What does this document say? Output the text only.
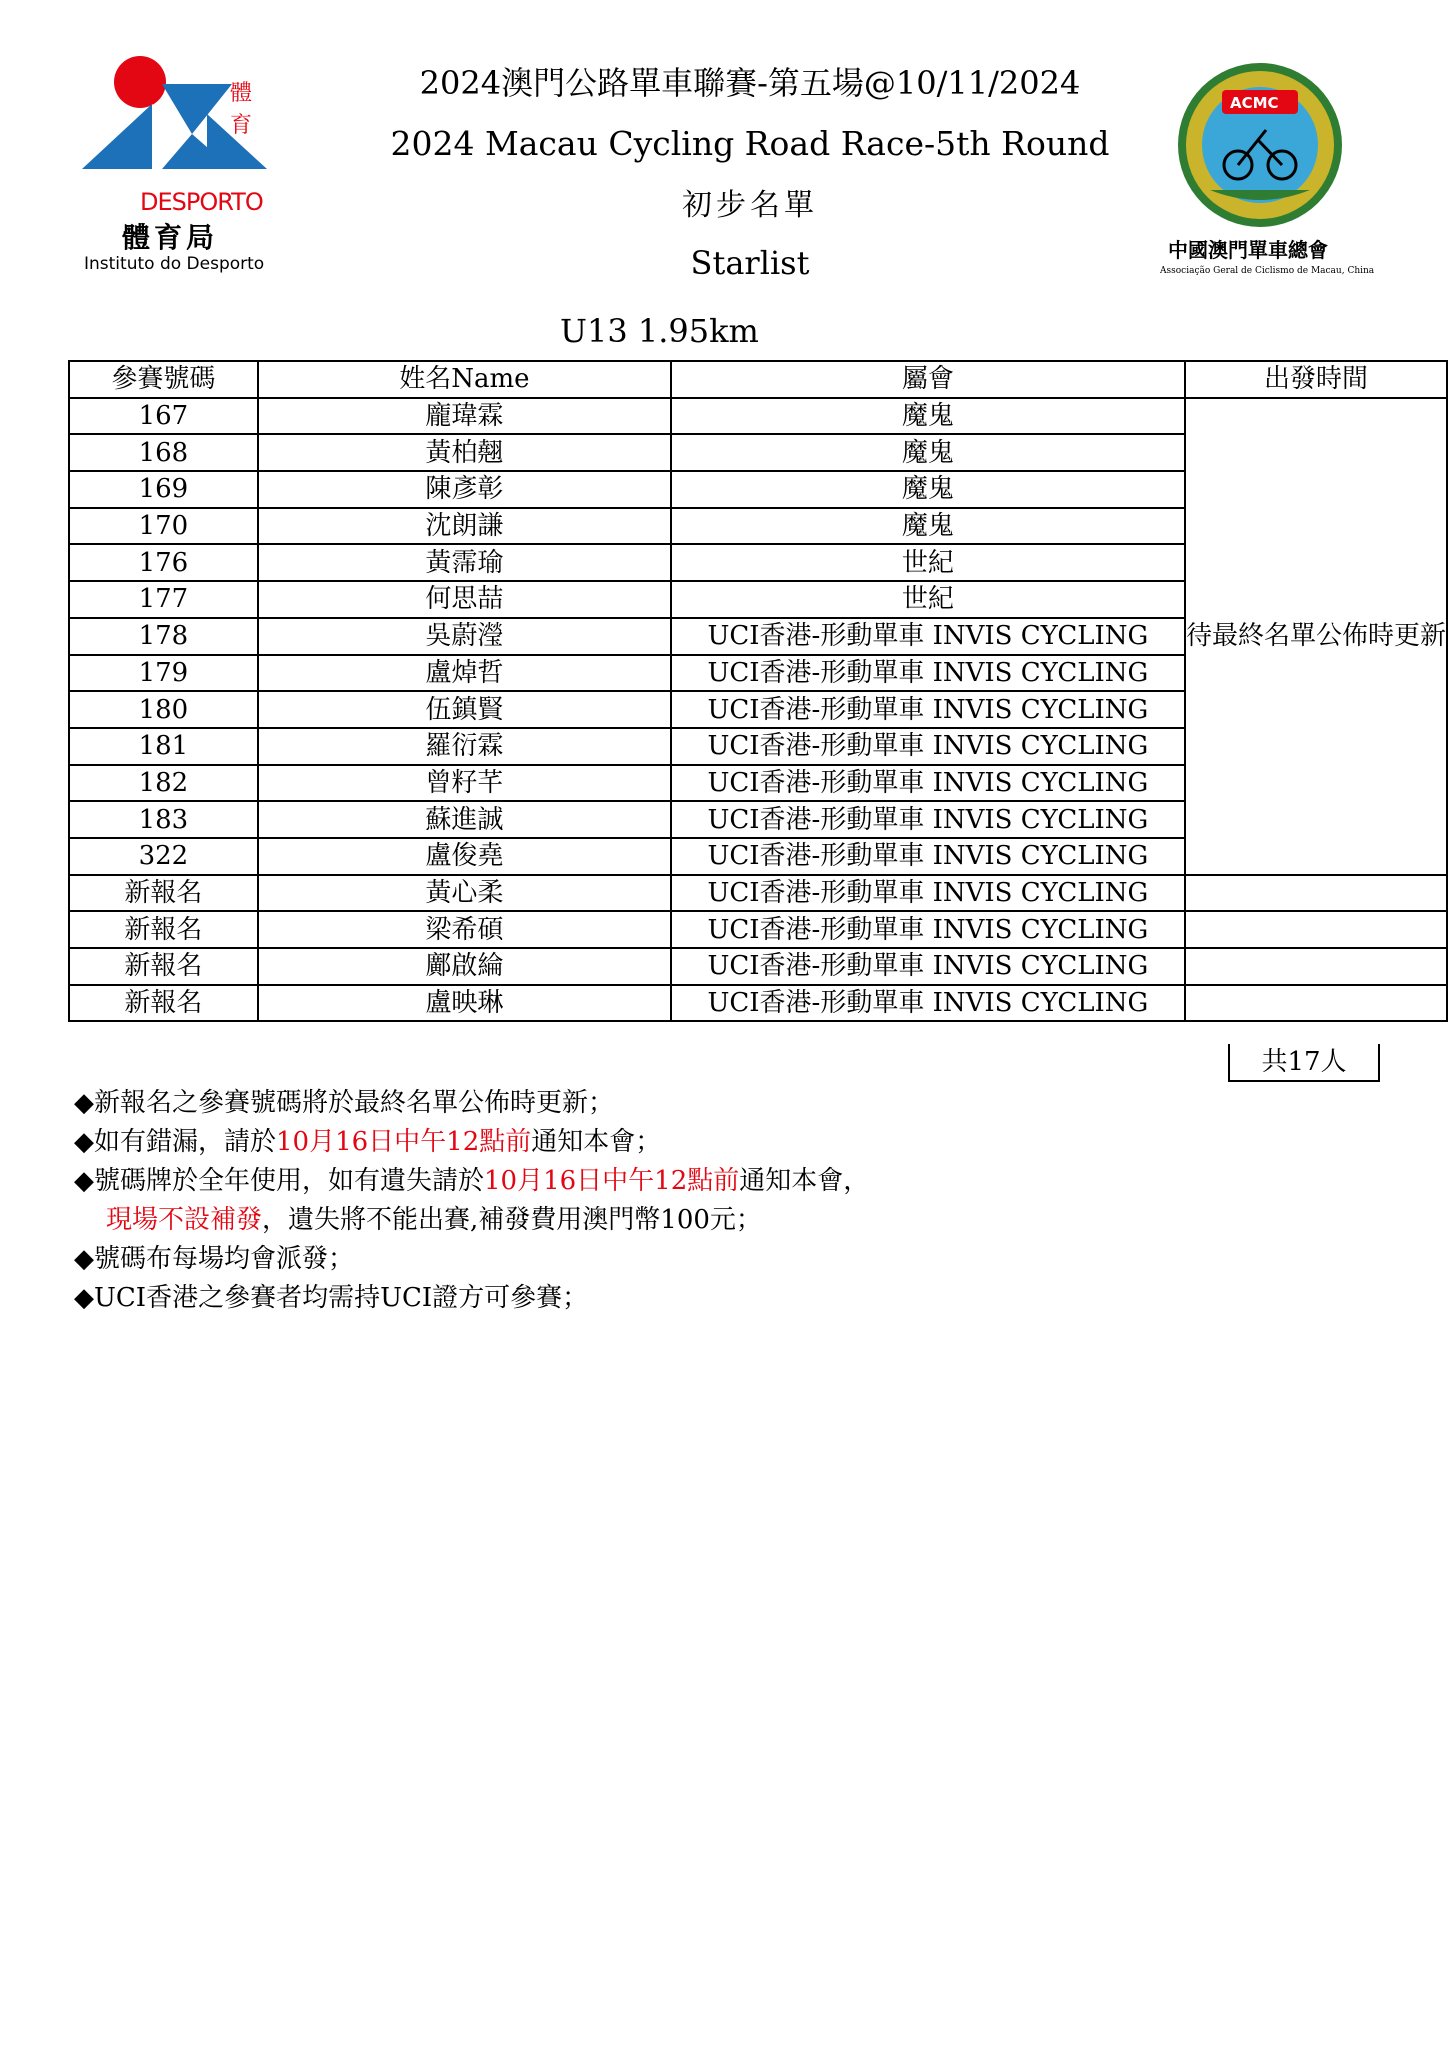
體
育
DESPORTO
體育局
Instituto do Desporto
2024澳門公路單車聯賽-第五場@10/11/2024
2024 Macau Cycling Road Race-5th Round
初步名單
Starlist
U13 1.95km
ACMC
中國澳門單車總會
Associação Geral de Ciclismo de Macau, China
參賽號碼	姓名Name	屬會	出發時間
167	龐瑋霖	魔鬼	待最終名單公佈時更新
168	黃柏翹	魔鬼	
169	陳彥彰	魔鬼	
170	沈朗謙	魔鬼	
176	黃霈瑜	世紀	
177	何思喆	世紀	
178	吳蔚瀅	UCI香港-形動單車 INVIS CYCLING	
179	盧焯哲	UCI香港-形動單車 INVIS CYCLING	
180	伍鎮賢	UCI香港-形動單車 INVIS CYCLING	
181	羅衍霖	UCI香港-形動單車 INVIS CYCLING	
182	曾籽芊	UCI香港-形動單車 INVIS CYCLING	
183	蘇進誠	UCI香港-形動單車 INVIS CYCLING	
322	盧俊堯	UCI香港-形動單車 INVIS CYCLING	
新報名	黃心柔	UCI香港-形動單車 INVIS CYCLING	
新報名	梁希碩	UCI香港-形動單車 INVIS CYCLING	
新報名	鄺啟綸	UCI香港-形動單車 INVIS CYCLING	
新報名	盧映琳	UCI香港-形動單車 INVIS CYCLING	
共17人
◆新報名之參賽號碼將於最終名單公佈時更新；
◆如有錯漏，請於10月16日中午12點前通知本會；
◆號碼牌於全年使用，如有遺失請於10月16日中午12點前通知本會，
現場不設補發，遺失將不能出賽,補發費用澳門幣100元；
◆號碼布每場均會派發；
◆UCI香港之參賽者均需持UCI證方可參賽；
